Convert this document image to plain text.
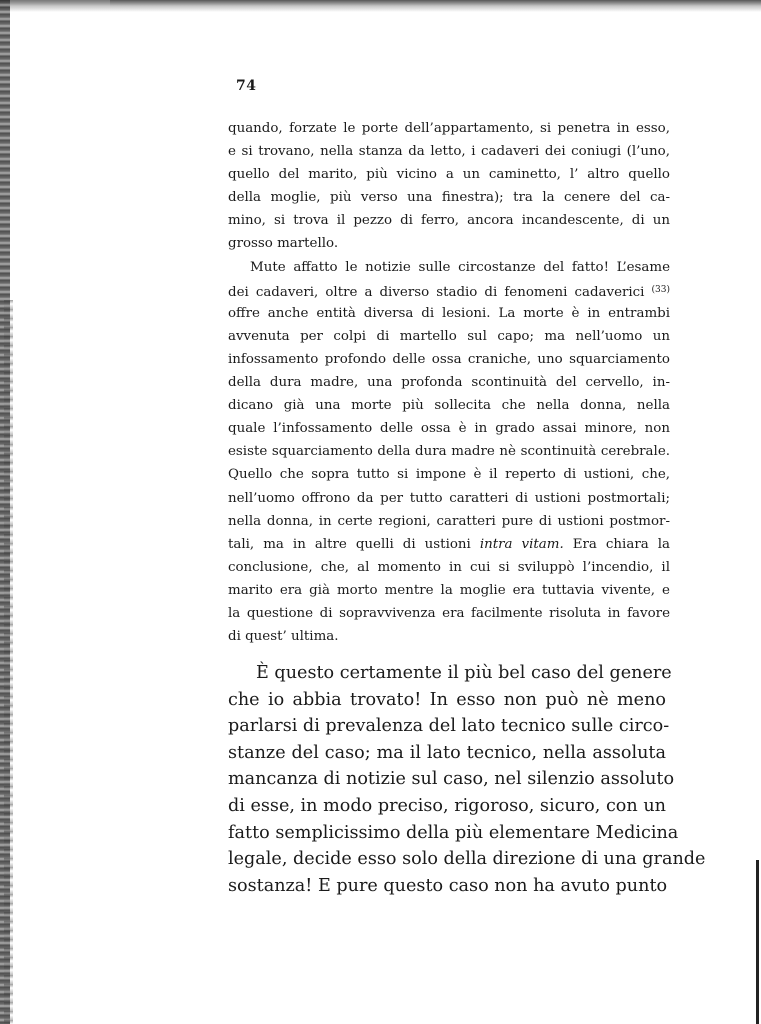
74
quando, forzate le porte dell’appartamento, si penetra in esso,
e si trovano, nella stanza da letto, i cadaveri dei coniugi (l’uno,
quello del marito, più vicino a un caminetto, l’ altro quello
della moglie, più verso una finestra); tra la cenere del ca-
mino, si trova il pezzo di ferro, ancora incandescente, di un
grosso martello.
Mute affatto le notizie sulle circostanze del fatto! L’esame
dei cadaveri, oltre a diverso stadio di fenomeni cadaverici $^{(33)}$
offre anche entità diversa di lesioni. La morte è in entrambi
avvenuta per colpi di martello sul capo; ma nell’uomo un
infossamento profondo delle ossa craniche, uno squarciamento
della dura madre, una profonda scontinuità del cervello, in-
dicano già una morte più sollecita che nella donna, nella
quale l’infossamento delle ossa è in grado assai minore, non
esiste squarciamento della dura madre nè scontinuità cerebrale.
Quello che sopra tutto si impone è il reperto di ustioni, che,
nell’uomo offrono da per tutto caratteri di ustioni postmortali;
nella donna, in certe regioni, caratteri pure di ustioni postmor-
tali, ma in altre quelli di ustioni intra vitam. Era chiara la
conclusione, che, al momento in cui si sviluppò l’incendio, il
marito era già morto mentre la moglie era tuttavia vivente, e
la questione di sopravvivenza era facilmente risoluta in favore
di quest’ ultima.
È questo certamente il più bel caso del genere
che io abbia trovato! In esso non può nè meno
parlarsi di prevalenza del lato tecnico sulle circo-
stanze del caso; ma il lato tecnico, nella assoluta
mancanza di notizie sul caso, nel silenzio assoluto
di esse, in modo preciso, rigoroso, sicuro, con un
fatto semplicissimo della più elementare Medicina
legale, decide esso solo della direzione di una grande
sostanza! E pure questo caso non ha avuto punto
